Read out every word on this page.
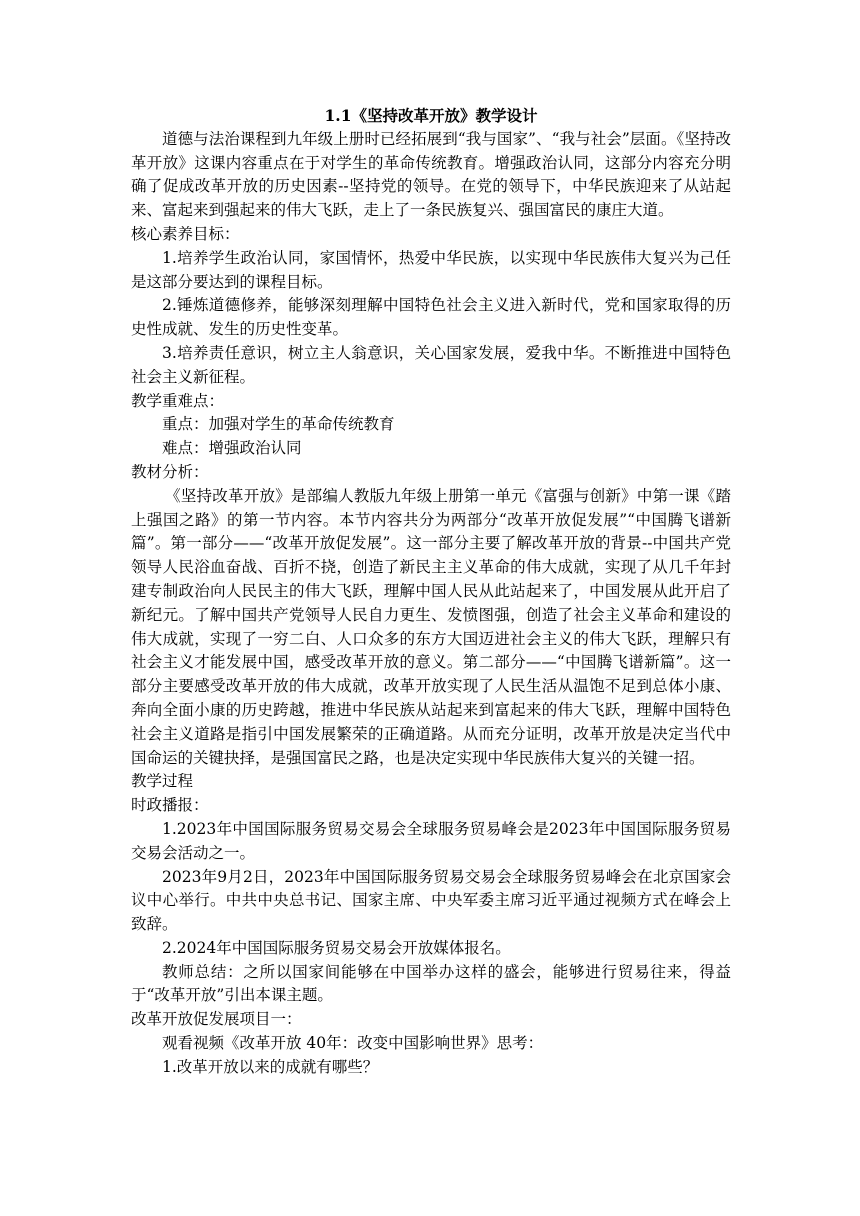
1.1《坚持改革开放》教学设计

道德与法治课程到九年级上册时已经拓展到“我与国家”、“我与社会”层面。《坚持改革开放》这课内容重点在于对学生的革命传统教育。增强政治认同，这部分内容充分明确了促成改革开放的历史因素--坚持党的领导。在党的领导下，中华民族迎来了从站起来、富起来到强起来的伟大飞跃，走上了一条民族复兴、强国富民的康庄大道。

核心素养目标：

1.培养学生政治认同，家国情怀，热爱中华民族，以实现中华民族伟大复兴为己任是这部分要达到的课程目标。

2.锤炼道德修养，能够深刻理解中国特色社会主义进入新时代，党和国家取得的历史性成就、发生的历史性变革。

3.培养责任意识，树立主人翁意识，关心国家发展，爱我中华。不断推进中国特色社会主义新征程。

教学重难点：

重点：加强对学生的革命传统教育

难点：增强政治认同

教材分析：

《坚持改革开放》是部编人教版九年级上册第一单元《富强与创新》中第一课《踏上强国之路》的第一节内容。本节内容共分为两部分“改革开放促发展”“中国腾飞谱新篇”。第一部分——“改革开放促发展”。这一部分主要了解改革开放的背景--中国共产党领导人民浴血奋战、百折不挠，创造了新民主主义革命的伟大成就，实现了从几千年封建专制政治向人民民主的伟大飞跃，理解中国人民从此站起来了，中国发展从此开启了新纪元。了解中国共产党领导人民自力更生、发愤图强，创造了社会主义革命和建设的伟大成就，实现了一穷二白、人口众多的东方大国迈进社会主义的伟大飞跃，理解只有社会主义才能发展中国，感受改革开放的意义。第二部分——“中国腾飞谱新篇”。这一部分主要感受改革开放的伟大成就，改革开放实现了人民生活从温饱不足到总体小康、奔向全面小康的历史跨越，推进中华民族从站起来到富起来的伟大飞跃，理解中国特色社会主义道路是指引中国发展繁荣的正确道路。从而充分证明，改革开放是决定当代中国命运的关键抉择，是强国富民之路，也是决定实现中华民族伟大复兴的关键一招。

教学过程

时政播报：

1.2023年中国国际服务贸易交易会全球服务贸易峰会是2023年中国国际服务贸易交易会活动之一。

2023年9月2日，2023年中国国际服务贸易交易会全球服务贸易峰会在北京国家会议中心举行。中共中央总书记、国家主席、中央军委主席习近平通过视频方式在峰会上致辞。

2.2024年中国国际服务贸易交易会开放媒体报名。

教师总结：之所以国家间能够在中国举办这样的盛会，能够进行贸易往来，得益于“改革开放”引出本课主题。

改革开放促发展项目一：

观看视频《改革开放 40年：改变中国影响世界》思考：

1.改革开放以来的成就有哪些？
